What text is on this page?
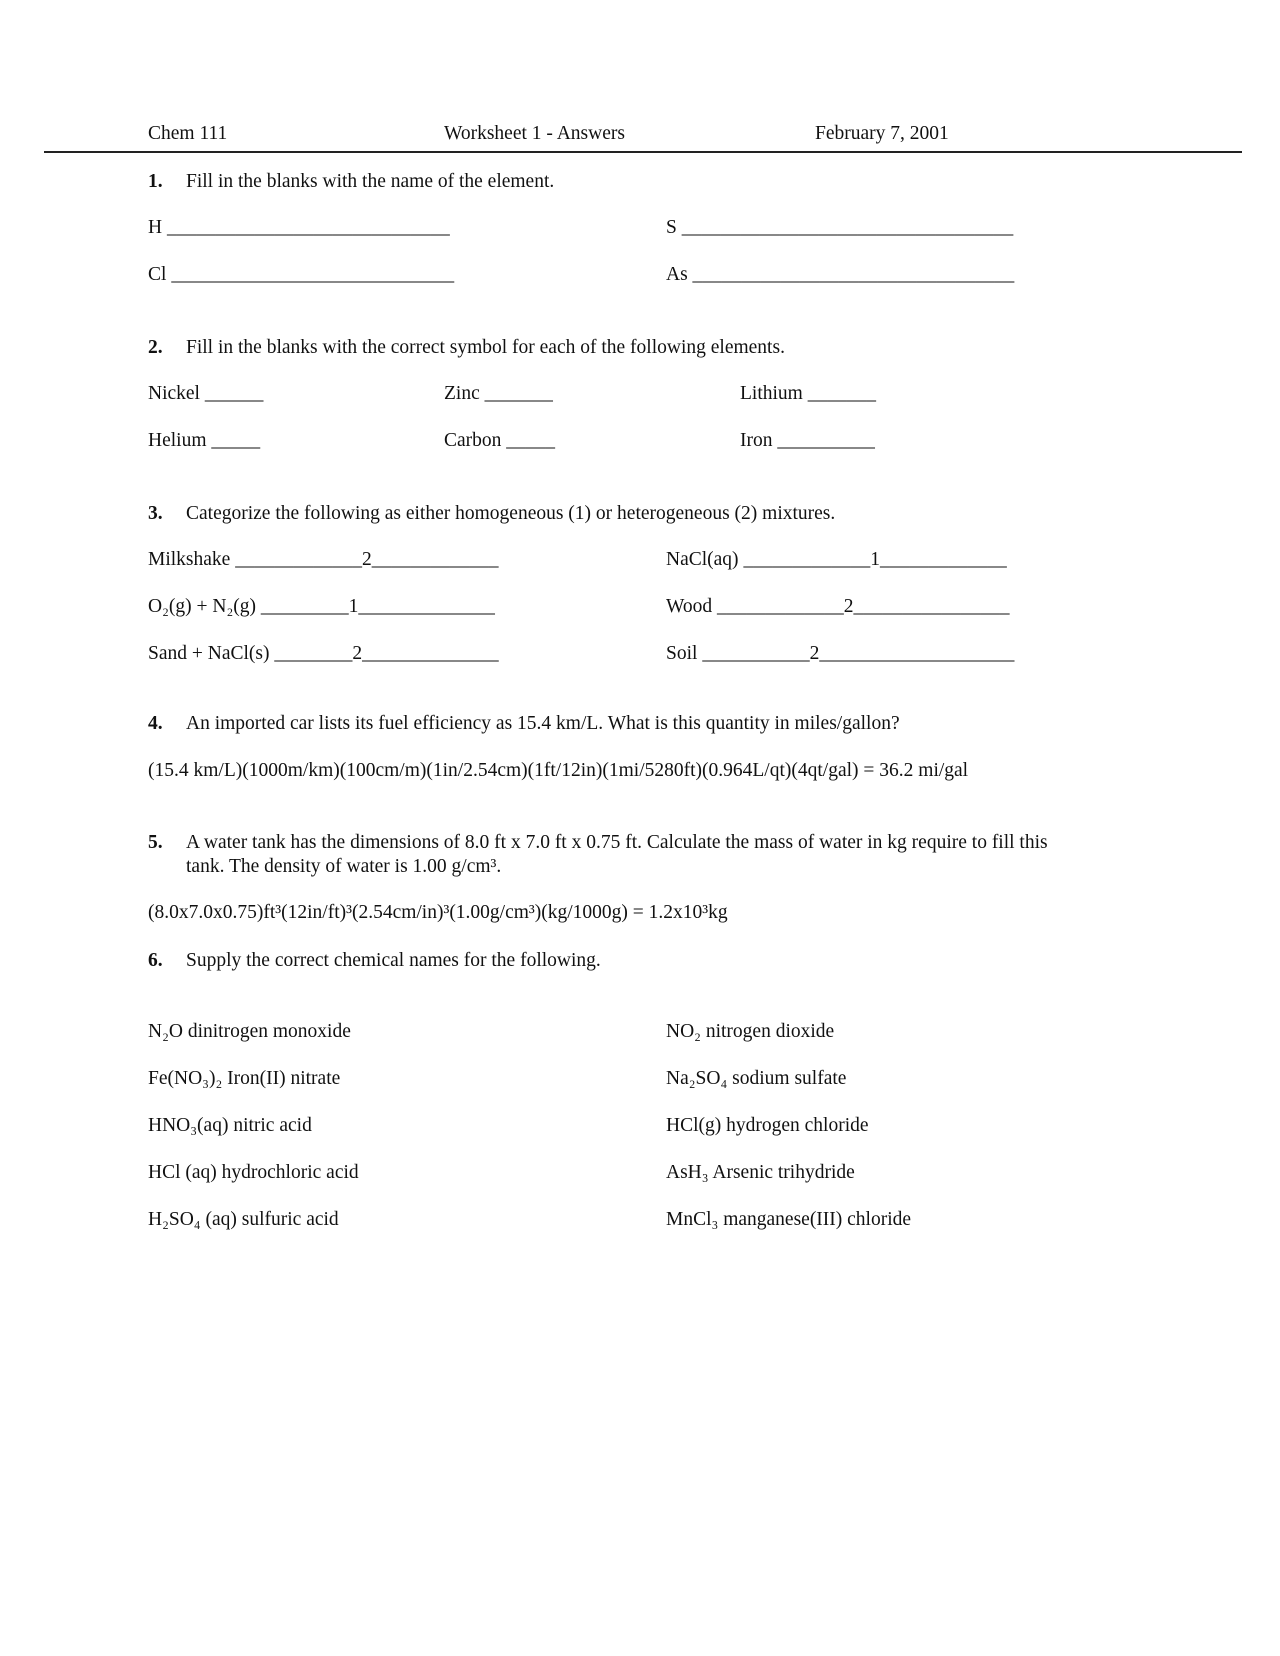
Chem 111	Worksheet 1 - Answers	February 7, 2001
1. Fill in the blanks with the name of the element.
H _____________________________	S __________________________________
Cl _____________________________	As _________________________________
2. Fill in the blanks with the correct symbol for each of the following elements.
Nickel ______	Zinc _______	Lithium _______
Helium _____	Carbon _____	Iron __________
3. Categorize the following as either homogeneous (1) or heterogeneous (2) mixtures.
Milkshake _____________2_____________	NaCl(aq) _____________1_____________
O₂(g) + N₂(g) _________1______________	Wood _____________2________________
Sand + NaCl(s) ________2______________	Soil ___________2____________________
4. An imported car lists its fuel efficiency as 15.4 km/L. What is this quantity in miles/gallon?
(15.4 km/L)(1000m/km)(100cm/m)(1in/2.54cm)(1ft/12in)(1mi/5280ft)(0.964L/qt)(4qt/gal) = 36.2 mi/gal
5. A water tank has the dimensions of 8.0 ft x 7.0 ft x 0.75 ft. Calculate the mass of water in kg require to fill this
tank. The density of water is 1.00 g/cm³.
(8.0x7.0x0.75)ft³(12in/ft)³(2.54cm/in)³(1.00g/cm³)(kg/1000g) = 1.2x10³kg
6. Supply the correct chemical names for the following.
N₂O dinitrogen monoxide	NO₂ nitrogen dioxide
Fe(NO₃)₂ Iron(II) nitrate	Na₂SO₄ sodium sulfate
HNO₃(aq) nitric acid	HCl(g) hydrogen chloride
HCl (aq) hydrochloric acid	AsH₃ Arsenic trihydride
H₂SO₄ (aq) sulfuric acid	MnCl₃ manganese(III) chloride
